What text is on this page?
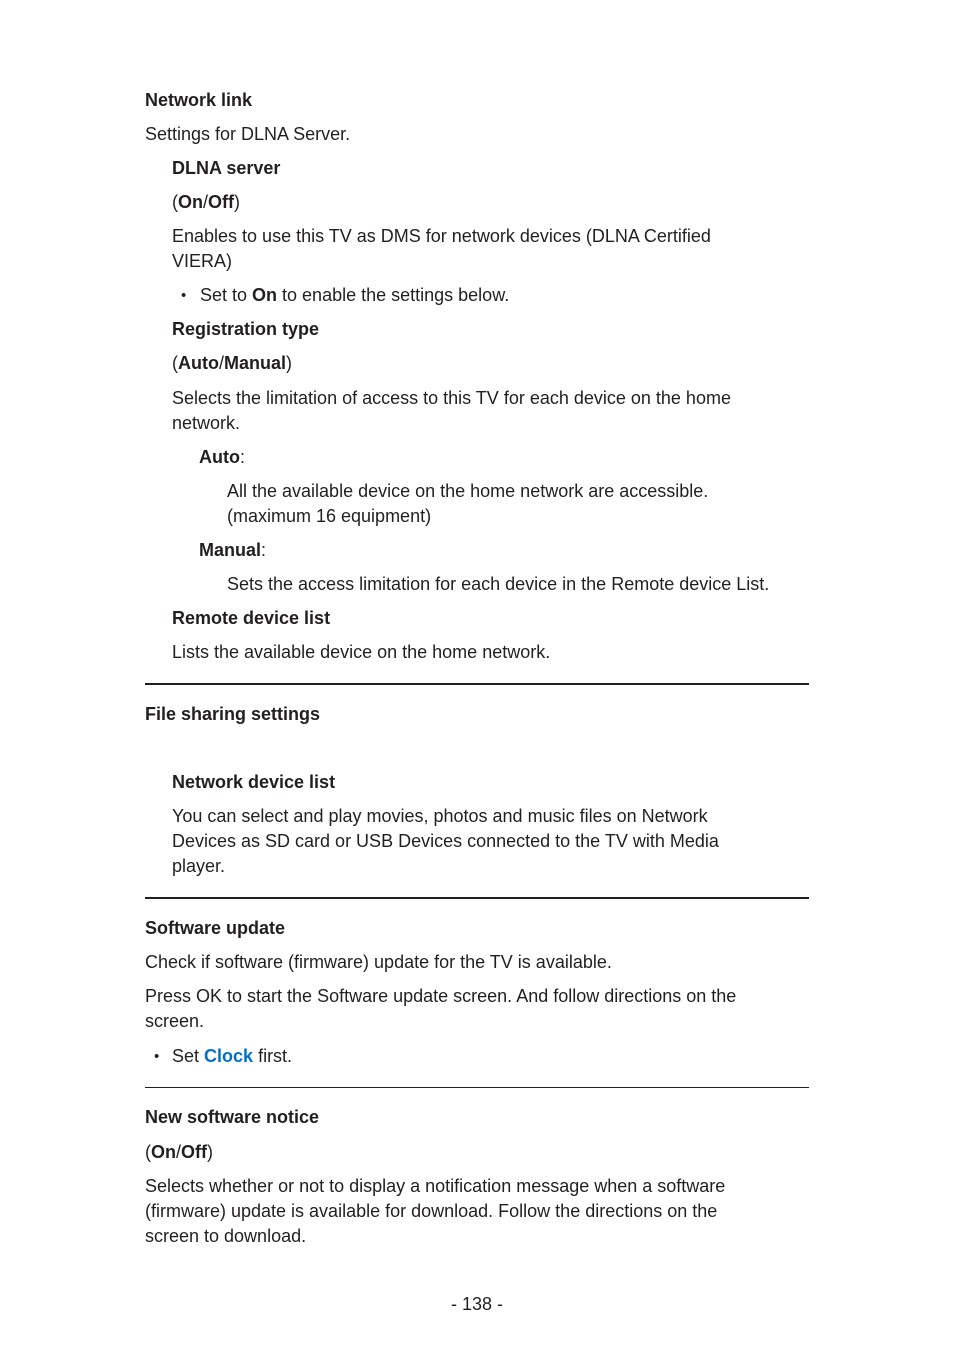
Network link
Settings for DLNA Server.
DLNA server
(On/Off)
Enables to use this TV as DMS for network devices (DLNA Certified
VIERA)
• Set to On to enable the settings below.
Registration type
(Auto/Manual)
Selects the limitation of access to this TV for each device on the home
network.
Auto:
All the available device on the home network are accessible.
(maximum 16 equipment)
Manual:
Sets the access limitation for each device in the Remote device List.
Remote device list
Lists the available device on the home network.
File sharing settings
Network device list
You can select and play movies, photos and music files on Network
Devices as SD card or USB Devices connected to the TV with Media
player.
Software update
Check if software (firmware) update for the TV is available.
Press OK to start the Software update screen. And follow directions on the
screen.
• Set Clock first.
New software notice
(On/Off)
Selects whether or not to display a notification message when a software
(firmware) update is available for download. Follow the directions on the
screen to download.
- 138 -
